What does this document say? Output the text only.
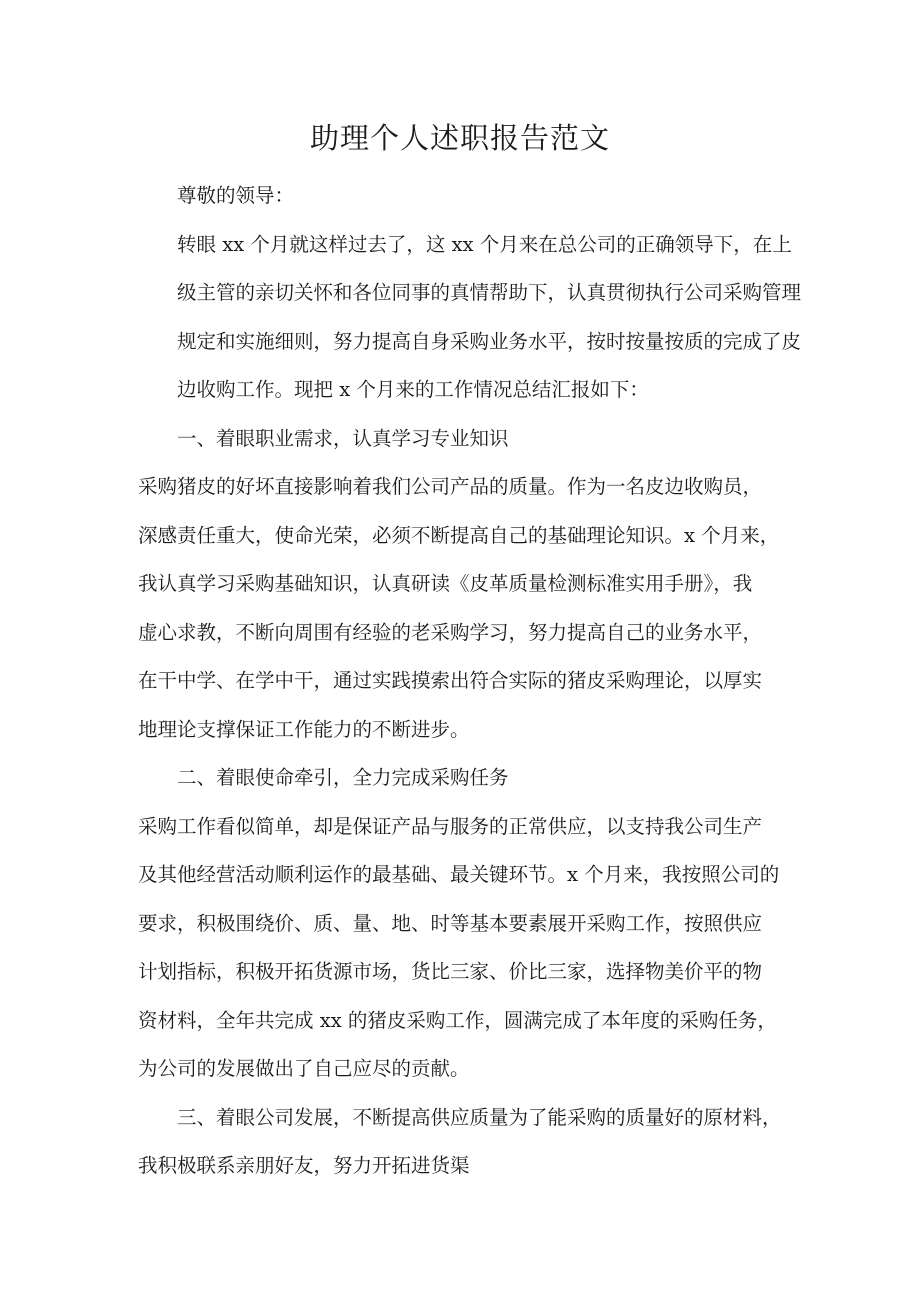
助理个人述职报告范文
尊敬的领导：
转眼 xx 个月就这样过去了，这 xx 个月来在总公司的正确领导下，在上
级主管的亲切关怀和各位同事的真情帮助下，认真贯彻执行公司采购管理
规定和实施细则，努力提高自身采购业务水平，按时按量按质的完成了皮
边收购工作。现把 x 个月来的工作情况总结汇报如下：
一、着眼职业需求，认真学习专业知识
采购猪皮的好坏直接影响着我们公司产品的质量。作为一名皮边收购员，
深感责任重大，使命光荣，必须不断提高自己的基础理论知识。x 个月来，
我认真学习采购基础知识，认真研读《皮革质量检测标准实用手册》，我
虚心求教，不断向周围有经验的老采购学习，努力提高自己的业务水平，
在干中学、在学中干，通过实践摸索出符合实际的猪皮采购理论，以厚实
地理论支撑保证工作能力的不断进步。
二、着眼使命牵引，全力完成采购任务
采购工作看似简单，却是保证产品与服务的正常供应，以支持我公司生产
及其他经营活动顺利运作的最基础、最关键环节。x 个月来，我按照公司的
要求，积极围绕价、质、量、地、时等基本要素展开采购工作，按照供应
计划指标，积极开拓货源市场，货比三家、价比三家，选择物美价平的物
资材料，全年共完成 xx 的猪皮采购工作，圆满完成了本年度的采购任务，
为公司的发展做出了自己应尽的贡献。
三、着眼公司发展，不断提高供应质量为了能采购的质量好的原材料，
我积极联系亲朋好友，努力开拓进货渠
